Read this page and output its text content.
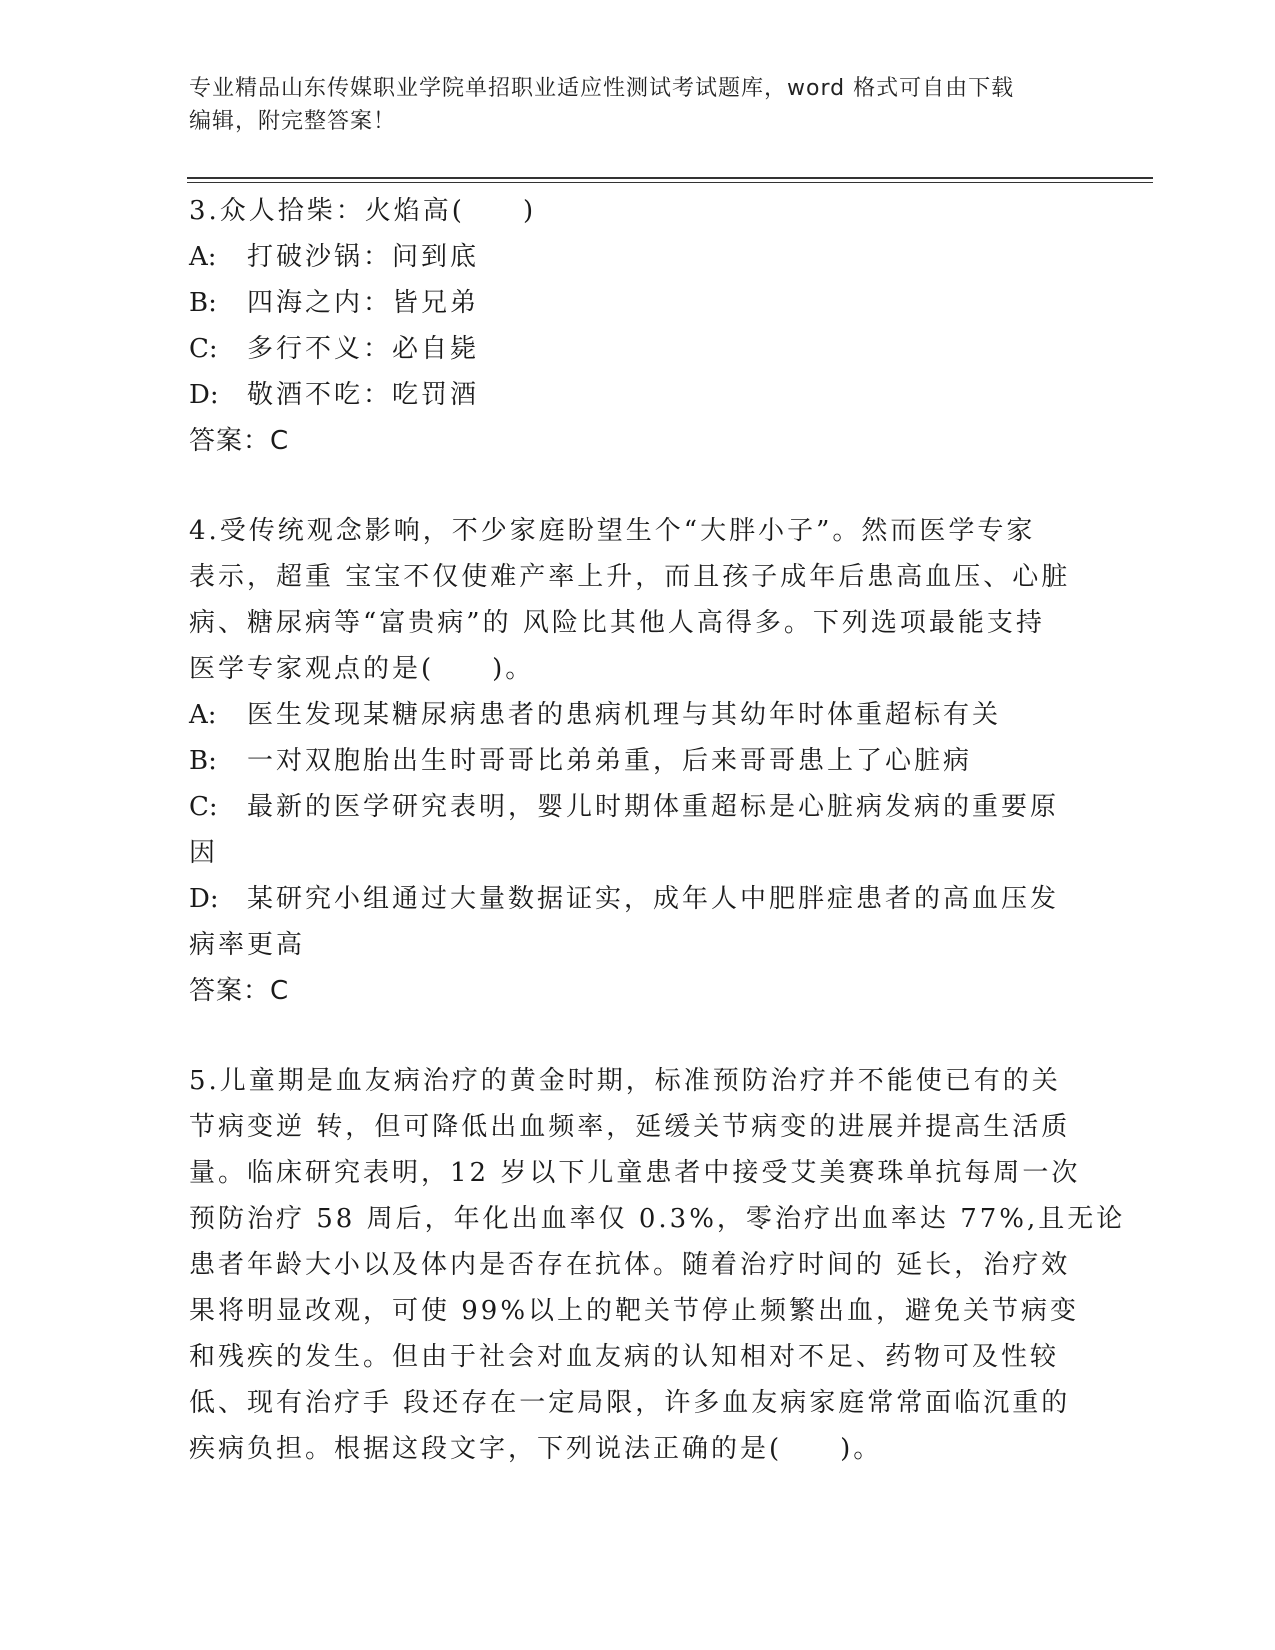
专业精品山东传媒职业学院单招职业适应性测试考试题库，word 格式可自由下载
编辑，附完整答案！
3.众人拾柴：火焰高(　　)
A: 打破沙锅：问到底
B: 四海之内：皆兄弟
C: 多行不义：必自毙
D: 敬酒不吃：吃罚酒
答案：C
4.受传统观念影响，不少家庭盼望生个“大胖小子”。然而医学专家
表示，超重 宝宝不仅使难产率上升，而且孩子成年后患高血压、心脏
病、糖尿病等“富贵病”的 风险比其他人高得多。下列选项最能支持
医学专家观点的是(　　)。
A: 医生发现某糖尿病患者的患病机理与其幼年时体重超标有关
B: 一对双胞胎出生时哥哥比弟弟重，后来哥哥患上了心脏病
C: 最新的医学研究表明，婴儿时期体重超标是心脏病发病的重要原
因
D: 某研究小组通过大量数据证实，成年人中肥胖症患者的高血压发
病率更高
答案：C
5.儿童期是血友病治疗的黄金时期，标准预防治疗并不能使已有的关
节病变逆 转，但可降低出血频率，延缓关节病变的进展并提高生活质
量。临床研究表明，12 岁以下儿童患者中接受艾美赛珠单抗每周一次
预防治疗 58 周后，年化出血率仅 0.3%，零治疗出血率达 77%,且无论
患者年龄大小以及体内是否存在抗体。随着治疗时间的 延长，治疗效
果将明显改观，可使 99%以上的靶关节停止频繁出血，避免关节病变
和残疾的发生。但由于社会对血友病的认知相对不足、药物可及性较
低、现有治疗手 段还存在一定局限，许多血友病家庭常常面临沉重的
疾病负担。根据这段文字，下列说法正确的是(　　)。
